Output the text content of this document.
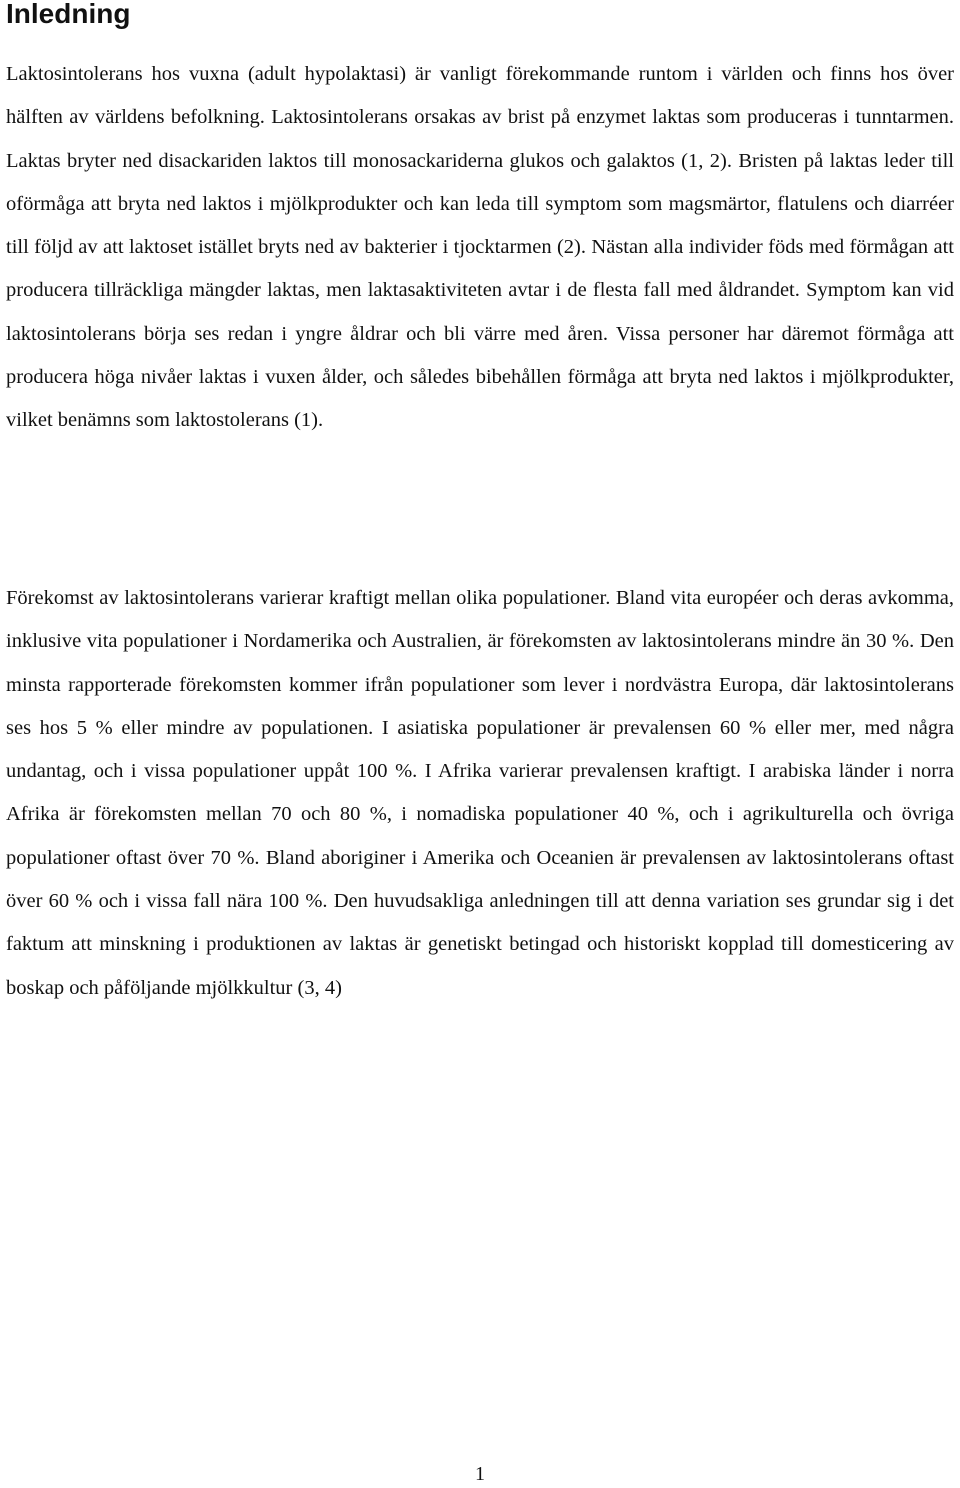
Inledning

Laktosintolerans hos vuxna (adult hypolaktasi) är vanligt förekommande runtom i världen och finns hos över hälften av världens befolkning. Laktosintolerans orsakas av brist på enzymet laktas som produceras i tunntarmen. Laktas bryter ned disackariden laktos till monosackariderna glukos och galaktos (1, 2). Bristen på laktas leder till oförmåga att bryta ned laktos i mjölkprodukter och kan leda till symptom som magsmärtor, flatulens och diarréer till följd av att laktoset istället bryts ned av bakterier i tjocktarmen (2). Nästan alla individer föds med förmågan att producera tillräckliga mängder laktas, men laktasaktiviteten avtar i de flesta fall med åldrandet. Symptom kan vid laktosintolerans börja ses redan i yngre åldrar och bli värre med åren. Vissa personer har däremot förmåga att producera höga nivåer laktas i vuxen ålder, och således bibehållen förmåga att bryta ned laktos i mjölkprodukter, vilket benämns som laktostolerans (1).

Förekomst av laktosintolerans varierar kraftigt mellan olika populationer. Bland vita européer och deras avkomma, inklusive vita populationer i Nordamerika och Australien, är förekomsten av laktosintolerans mindre än 30 %. Den minsta rapporterade förekomsten kommer ifrån populationer som lever i nordvästra Europa, där laktosintolerans ses hos 5 % eller mindre av populationen. I asiatiska populationer är prevalensen 60 % eller mer, med några undantag, och i vissa populationer uppåt 100 %. I Afrika varierar prevalensen kraftigt. I arabiska länder i norra Afrika är förekomsten mellan 70 och 80 %, i nomadiska populationer 40 %, och i agrikulturella och övriga populationer oftast över 70 %. Bland aboriginer i Amerika och Oceanien är prevalensen av laktosintolerans oftast över 60 % och i vissa fall nära 100 %. Den huvudsakliga anledningen till att denna variation ses grundar sig i det faktum att minskning i produktionen av laktas är genetiskt betingad och historiskt kopplad till domesticering av boskap och påföljande mjölkkultur (3, 4)

1
